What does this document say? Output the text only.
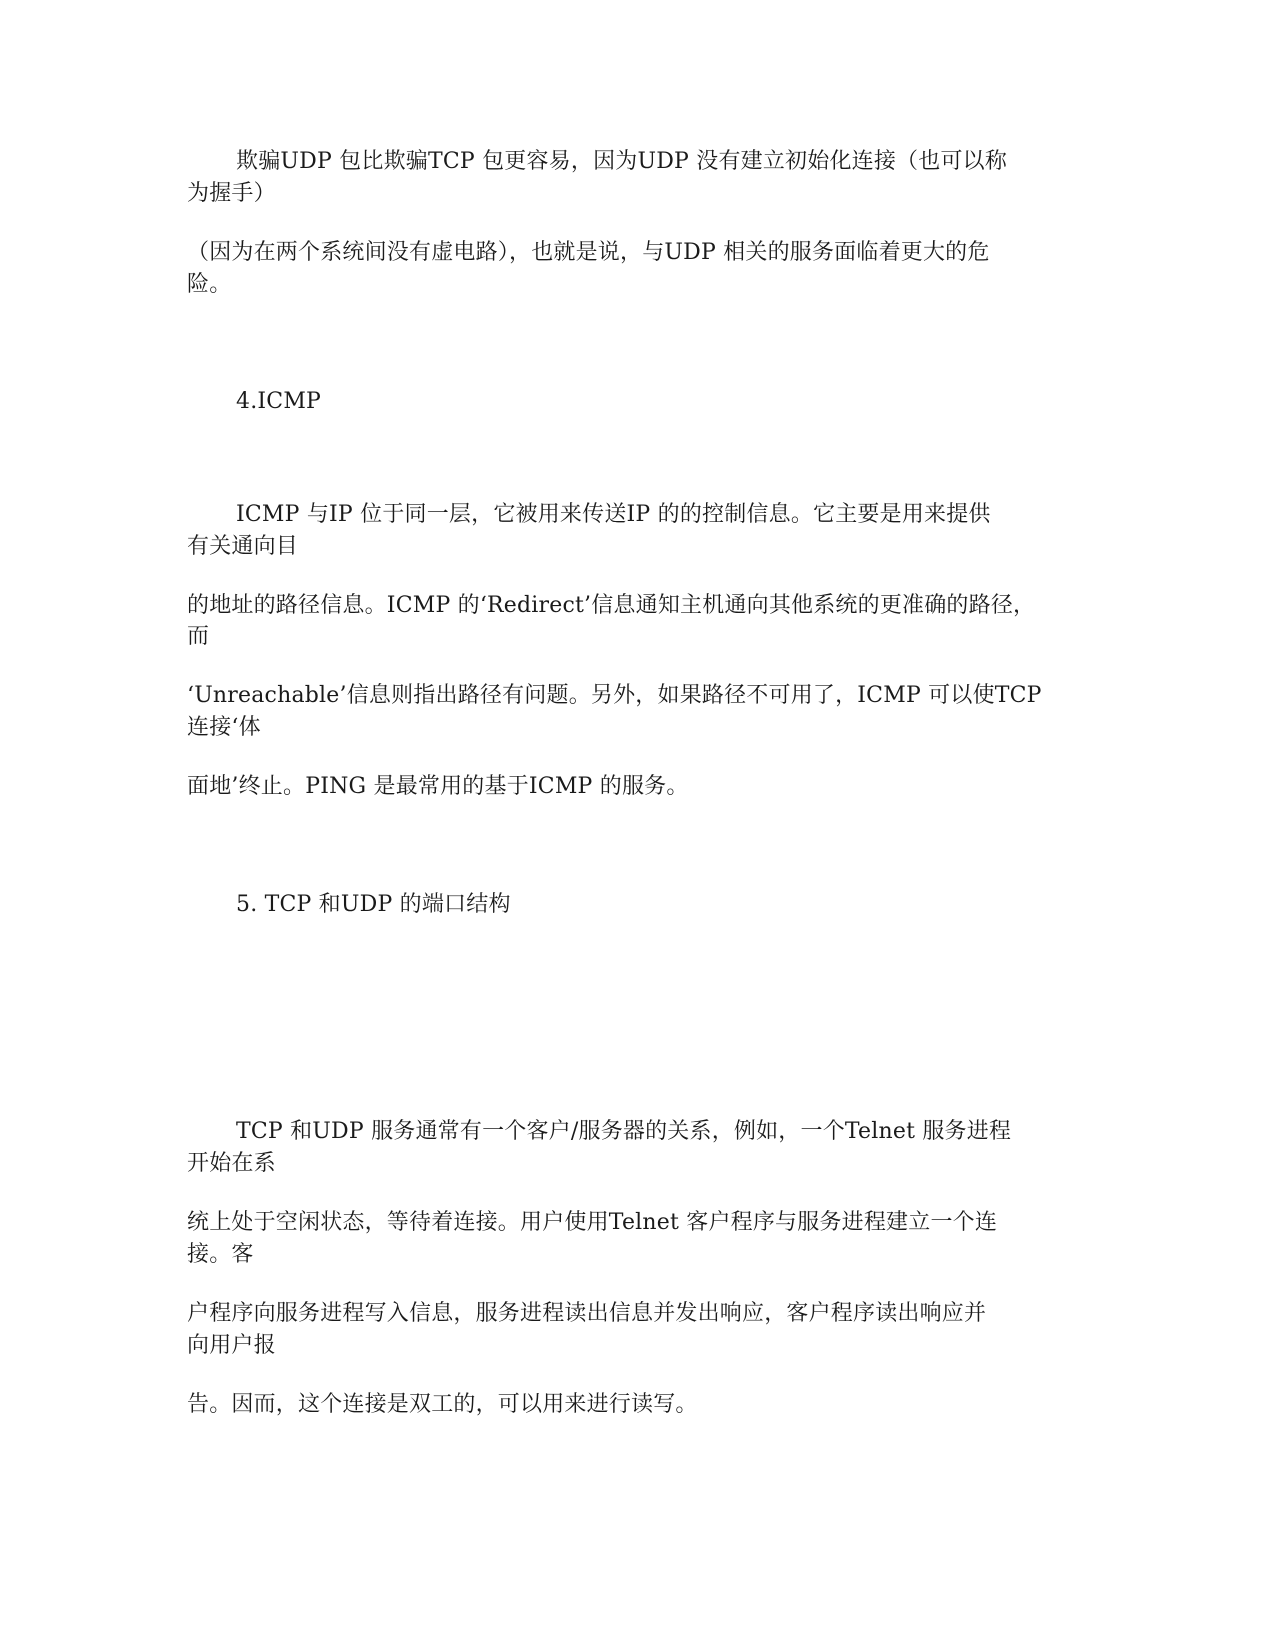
欺骗UDP 包比欺骗TCP 包更容易，因为UDP 没有建立初始化连接（也可以称
为握手）
（因为在两个系统间没有虚电路），也就是说，与UDP 相关的服务面临着更大的危
险。
4.ICMP
ICMP 与IP 位于同一层，它被用来传送IP 的的控制信息。它主要是用来提供
有关通向目
的地址的路径信息。ICMP 的‘Redirect’信息通知主机通向其他系统的更准确的路径，
而
‘Unreachable’信息则指出路径有问题。另外，如果路径不可用了，ICMP 可以使TCP
连接‘体
面地’终止。PING 是最常用的基于ICMP 的服务。
5. TCP 和UDP 的端口结构
TCP 和UDP 服务通常有一个客户/服务器的关系，例如，一个Telnet 服务进程
开始在系
统上处于空闲状态，等待着连接。用户使用Telnet 客户程序与服务进程建立一个连
接。客
户程序向服务进程写入信息，服务进程读出信息并发出响应，客户程序读出响应并
向用户报
告。因而，这个连接是双工的，可以用来进行读写。
